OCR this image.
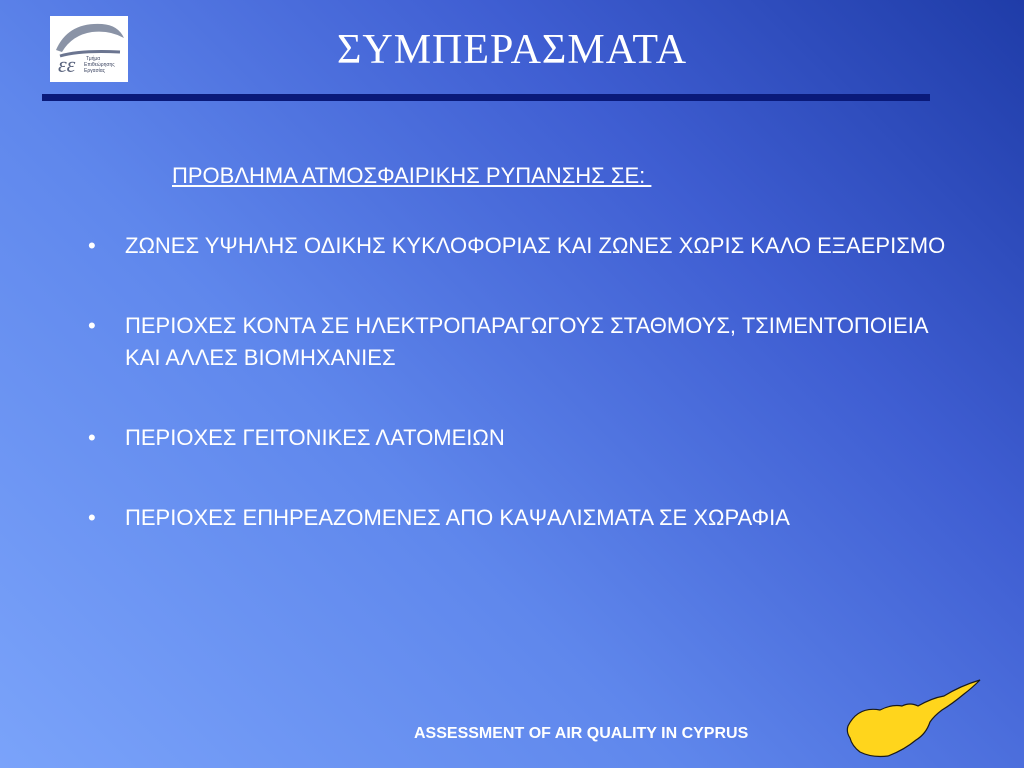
εε Τμήμα
Επιθεώρησης
Εργασίας	ΣΥΜΠΕΡΑΣΜΑΤΑ
ΠΡΟΒΛΗΜΑ ΑΤΜΟΣΦΑΙΡΙΚΗΣ ΡΥΠΑΝΣΗΣ ΣΕ:
•	ΖΩΝΕΣ ΥΨΗΛΗΣ ΟΔΙΚΗΣ ΚΥΚΛΟΦΟΡΙΑΣ ΚΑΙ ΖΩΝΕΣ ΧΩΡΙΣ ΚΑΛΟ ΕΞΑΕΡΙΣΜΟ
•	ΠΕΡΙΟΧΕΣ ΚΟΝΤΑ ΣΕ ΗΛΕΚΤΡΟΠΑΡΑΓΩΓΟΥΣ ΣΤΑΘΜΟΥΣ, ΤΣΙΜΕΝΤΟΠΟΙΕΙΑ ΚΑΙ ΑΛΛΕΣ ΒΙΟΜΗΧΑΝΙΕΣ
•	ΠΕΡΙΟΧΕΣ ΓΕΙΤΟΝΙΚΕΣ ΛΑΤΟΜΕΙΩΝ
•	ΠΕΡΙΟΧΕΣ ΕΠΗΡΕΑΖΟΜΕΝΕΣ ΑΠΟ ΚΑΨΑΛΙΣΜΑΤΑ ΣΕ ΧΩΡΑΦΙΑ
ASSESSMENT OF AIR QUALITY IN CYPRUS
